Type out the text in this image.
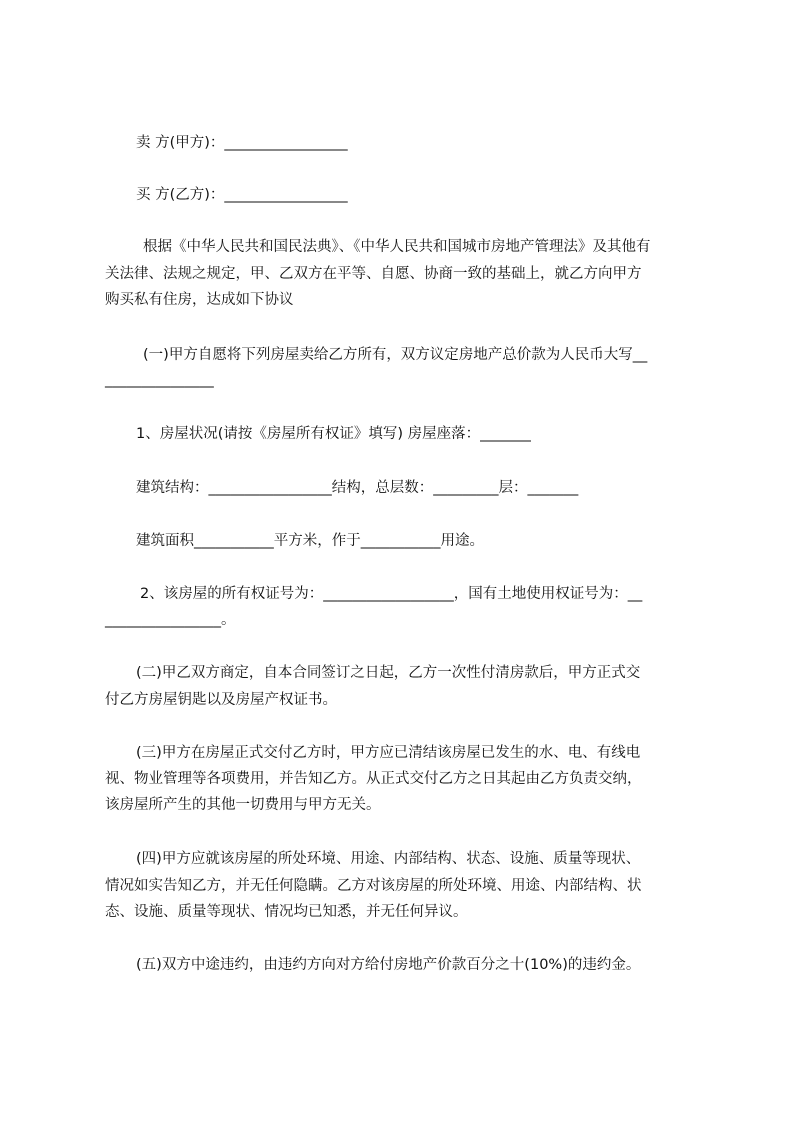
卖 方(甲方)：_________________

买 方(乙方)：_________________

根据《中华人民共和国民法典》、《中华人民共和国城市房地产管理法》及其他有

关法律、法规之规定，甲、乙双方在平等、自愿、协商一致的基础上，就乙方向甲方

购买私有住房，达成如下协议

(一)甲方自愿将下列房屋卖给乙方所有，双方议定房地产总价款为人民币大写__

_______________

1、房屋状况(请按《房屋所有权证》填写) 房屋座落：_______

建筑结构：_________________结构，总层数：_________层：_______

建筑面积___________平方米，作于___________用途。

2、该房屋的所有权证号为：__________________，国有土地使用权证号为：__

________________。

(二)甲乙双方商定，自本合同签订之日起，乙方一次性付清房款后，甲方正式交

付乙方房屋钥匙以及房屋产权证书。

(三)甲方在房屋正式交付乙方时，甲方应已清结该房屋已发生的水、电、有线电

视、物业管理等各项费用，并告知乙方。从正式交付乙方之日其起由乙方负责交纳，

该房屋所产生的其他一切费用与甲方无关。

(四)甲方应就该房屋的所处环境、用途、内部结构、状态、设施、质量等现状、

情况如实告知乙方，并无任何隐瞒。乙方对该房屋的所处环境、用途、内部结构、状

态、设施、质量等现状、情况均已知悉，并无任何异议。

(五)双方中途违约，由违约方向对方给付房地产价款百分之十(10%)的违约金。
